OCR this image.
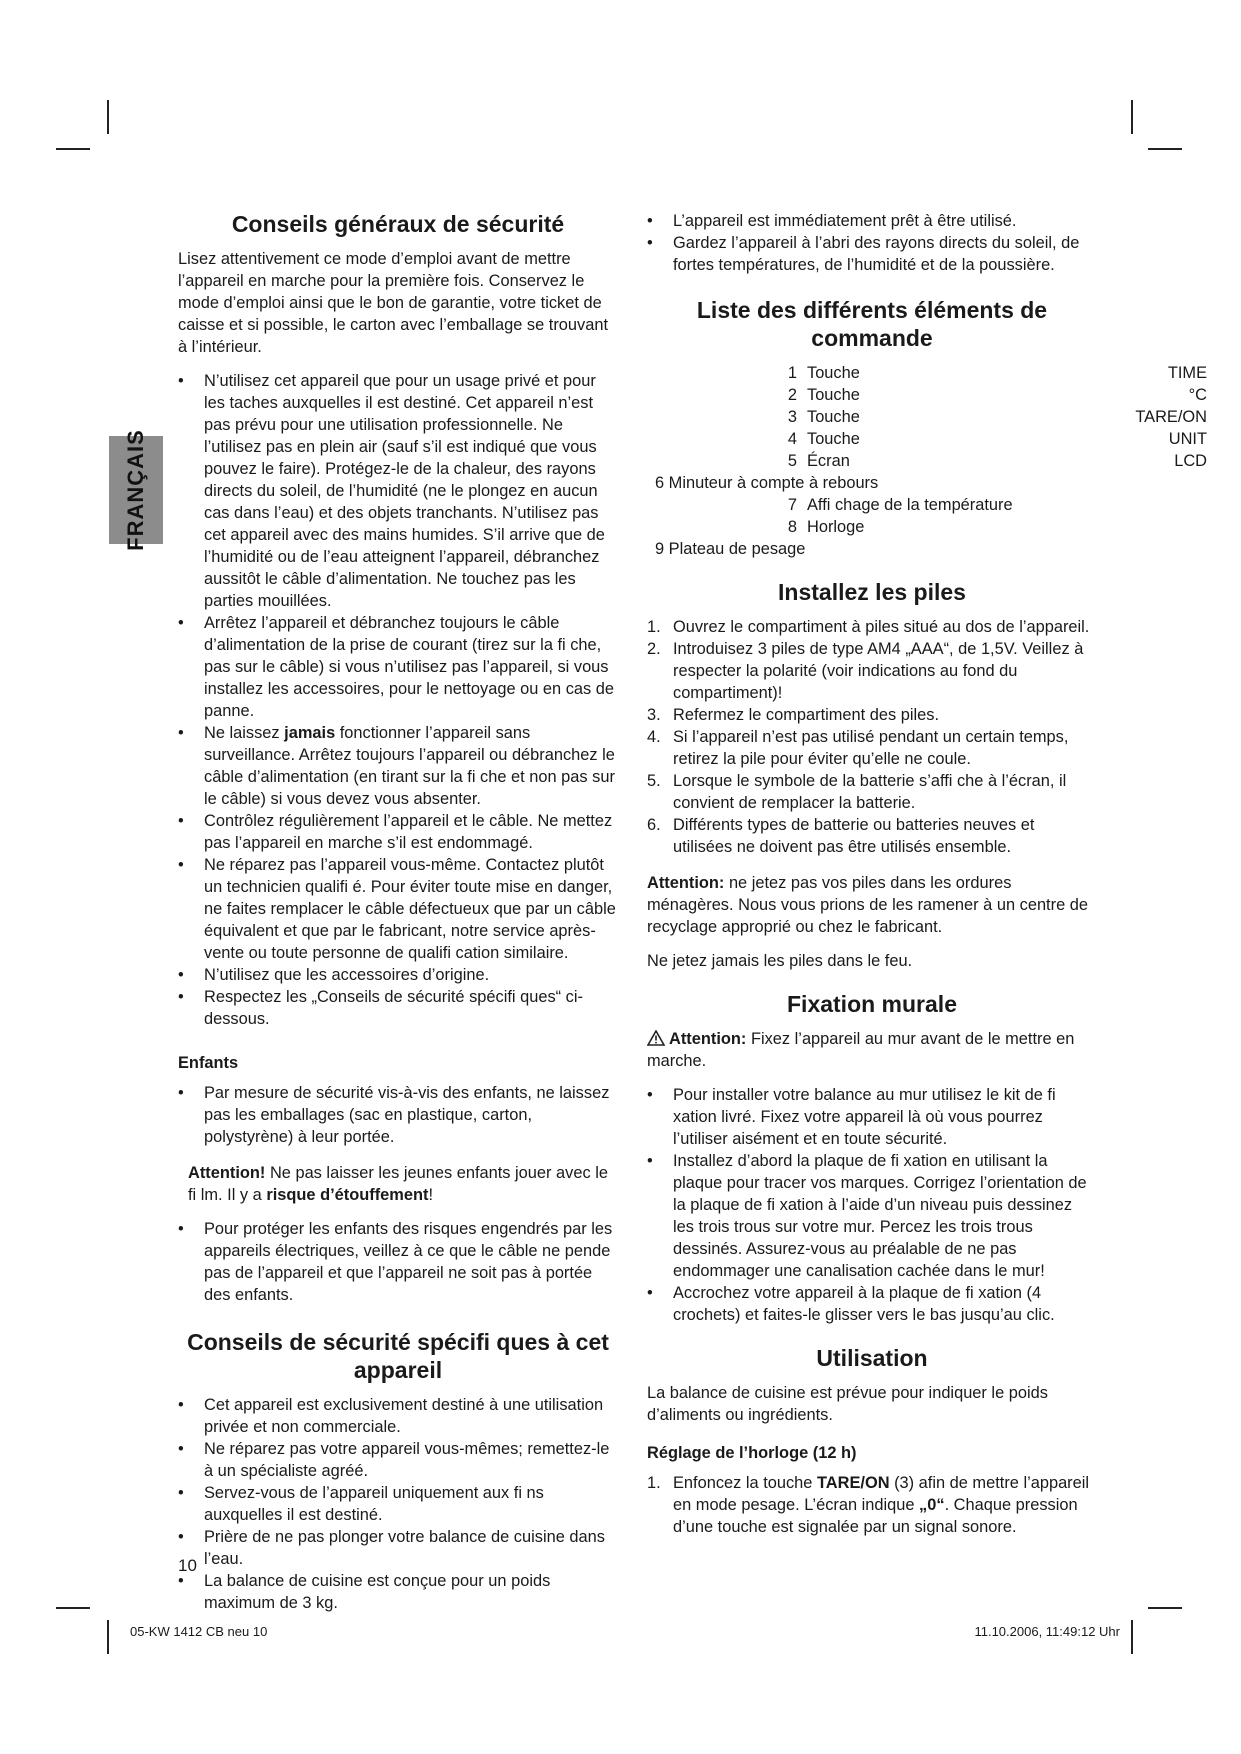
FRANÇAIS
Conseils généraux de sécurité

Lisez attentivement ce mode d’emploi avant de mettre l’appareil en marche pour la première fois. Conservez le mode d’emploi ainsi que le bon de garantie, votre ticket de caisse et si possible, le carton avec l’emballage se trouvant à l’intérieur.

• N’utilisez cet appareil que pour un usage privé et pour les taches auxquelles il est destiné. Cet appareil n’est pas prévu pour une utilisation professionnelle. Ne l’utilisez pas en plein air (sauf s’il est indiqué que vous pouvez le faire). Protégez-le de la chaleur, des rayons directs du soleil, de l’humidité (ne le plongez en aucun cas dans l’eau) et des objets tranchants. N’utilisez pas cet appareil avec des mains humides. S’il arrive que de l’humidité ou de l’eau atteignent l’appareil, débranchez aussitôt le câble d’alimentation. Ne touchez pas les parties mouillées.
• Arrêtez l’appareil et débranchez toujours le câble d’alimentation de la prise de courant (tirez sur la fi che, pas sur le câble) si vous n’utilisez pas l’appareil, si vous installez les accessoires, pour le nettoyage ou en cas de panne.
• Ne laissez jamais fonctionner l’appareil sans surveillance. Arrêtez toujours l’appareil ou débranchez le câble d’alimentation (en tirant sur la fi che et non pas sur le câble) si vous devez vous absenter.
• Contrôlez régulièrement l’appareil et le câble. Ne mettez pas l’appareil en marche s’il est endommagé.
• Ne réparez pas l’appareil vous-même. Contactez plutôt un technicien qualifi é. Pour éviter toute mise en danger, ne faites remplacer le câble défectueux que par un câble équivalent et que par le fabricant, notre service après-vente ou toute personne de qualifi cation similaire.
• N’utilisez que les accessoires d’origine.
• Respectez les „Conseils de sécurité spécifi ques“ ci-dessous.
Enfants
• Par mesure de sécurité vis-à-vis des enfants, ne laissez pas les emballages (sac en plastique, carton, polystyrène) à leur portée.

Attention! Ne pas laisser les jeunes enfants jouer avec le fi lm. Il y a risque d’étouffement!

• Pour protéger les enfants des risques engendrés par les appareils électriques, veillez à ce que le câble ne pende pas de l’appareil et que l’appareil ne soit pas à portée des enfants.
Conseils de sécurité spécifi ques à cet appareil
• Cet appareil est exclusivement destiné à une utilisation privée et non commerciale.
• Ne réparez pas votre appareil vous-mêmes; remettez-le à un spécialiste agréé.
• Servez-vous de l’appareil uniquement aux fi ns auxquelles il est destiné.
• Prière de ne pas plonger votre balance de cuisine dans l’eau.
• La balance de cuisine est conçue pour un poids maximum de 3 kg.
• L’appareil est immédiatement prêt à être utilisé.
• Gardez l’appareil à l’abri des rayons directs du soleil, de fortes températures, de l’humidité et de la poussière.
Liste des différents éléments de commande
1 Touche	TIME
2 Touche	°C
3 Touche	TARE/ON
4 Touche	UNIT
5 Écran	LCD
6 Minuteur à compte à rebours
7 Affi chage de la température
8 Horloge
9 Plateau de pesage
Installez les piles
1. Ouvrez le compartiment à piles situé au dos de l’appareil.
2. Introduisez 3 piles de type AM4 „AAA“, de 1,5V. Veillez à respecter la polarité (voir indications au fond du compartiment)!
3. Refermez le compartiment des piles.
4. Si l’appareil n’est pas utilisé pendant un certain temps, retirez la pile pour éviter qu’elle ne coule.
5. Lorsque le symbole de la batterie s’affi che à l’écran, il convient de remplacer la batterie.
6. Différents types de batterie ou batteries neuves et utilisées ne doivent pas être utilisés ensemble.

Attention: ne jetez pas vos piles dans les ordures ménagères. Nous vous prions de les ramener à un centre de recyclage approprié ou chez le fabricant.

Ne jetez jamais les piles dans le feu.

Fixation murale

Attention: Fixez l’appareil au mur avant de le mettre en marche.

• Pour installer votre balance au mur utilisez le kit de fi xation livré. Fixez votre appareil là où vous pourrez l’utiliser aisément et en toute sécurité.
• Installez d’abord la plaque de fi xation en utilisant la plaque pour tracer vos marques. Corrigez l’orientation de la plaque de fi xation à l’aide d’un niveau puis dessinez les trois trous sur votre mur. Percez les trois trous dessinés. Assurez-vous au préalable de ne pas endommager une canalisation cachée dans le mur!
• Accrochez votre appareil à la plaque de fi xation (4 crochets) et faites-le glisser vers le bas jusqu’au clic.
Utilisation

La balance de cuisine est prévue pour indiquer le poids d’aliments ou ingrédients.

Réglage de l’horloge (12 h)
1. Enfoncez la touche TARE/ON (3) afin de mettre l’appareil en mode pesage. L’écran indique „0“. Chaque pression d’une touche est signalée par un signal sonore.
10
05-KW 1412 CB neu 10	11.10.2006, 11:49:12 Uhr
